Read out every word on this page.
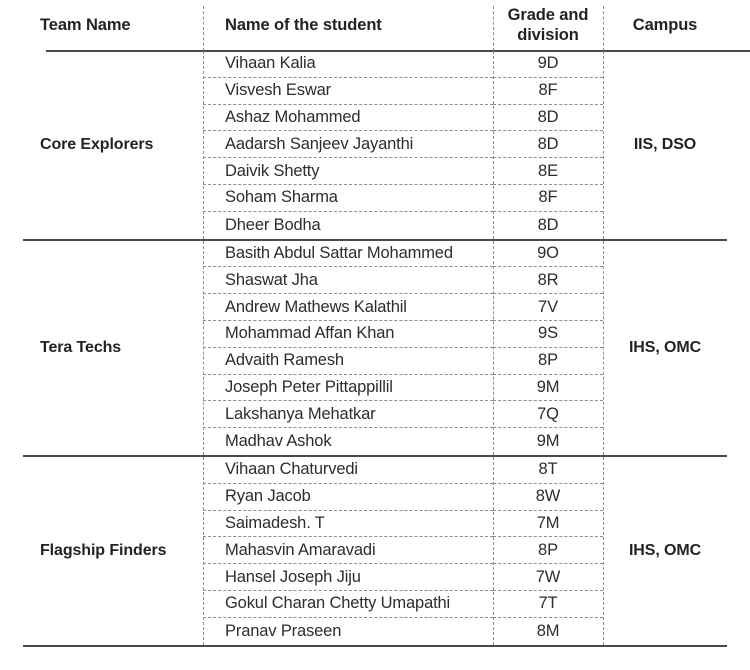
Team Name	Name of the student
Grade and
division
Campus
Core Explorers
Vihaan Kalia
Visvesh Eswar
Ashaz Mohammed
Aadarsh Sanjeev Jayanthi
Daivik Shetty
Soham Sharma
Dheer Bodha
9D
8F
8D
8D
8E
8F
8D
IIS, DSO
Tera Techs
Basith Abdul Sattar Mohammed
Shaswat Jha
Andrew Mathews Kalathil
Mohammad Affan Khan
Advaith Ramesh
Joseph Peter Pittappillil
Lakshanya Mehatkar
Madhav Ashok
9O
8R
7V
9S
8P
9M
7Q
9M
IHS, OMC
Flagship Finders
Vihaan Chaturvedi
Ryan Jacob
Saimadesh. T
Mahasvin Amaravadi
Hansel Joseph Jiju
Gokul Charan Chetty Umapathi
Pranav Praseen
8T
8W
7M
8P
7W
7T
8M
IHS, OMC
